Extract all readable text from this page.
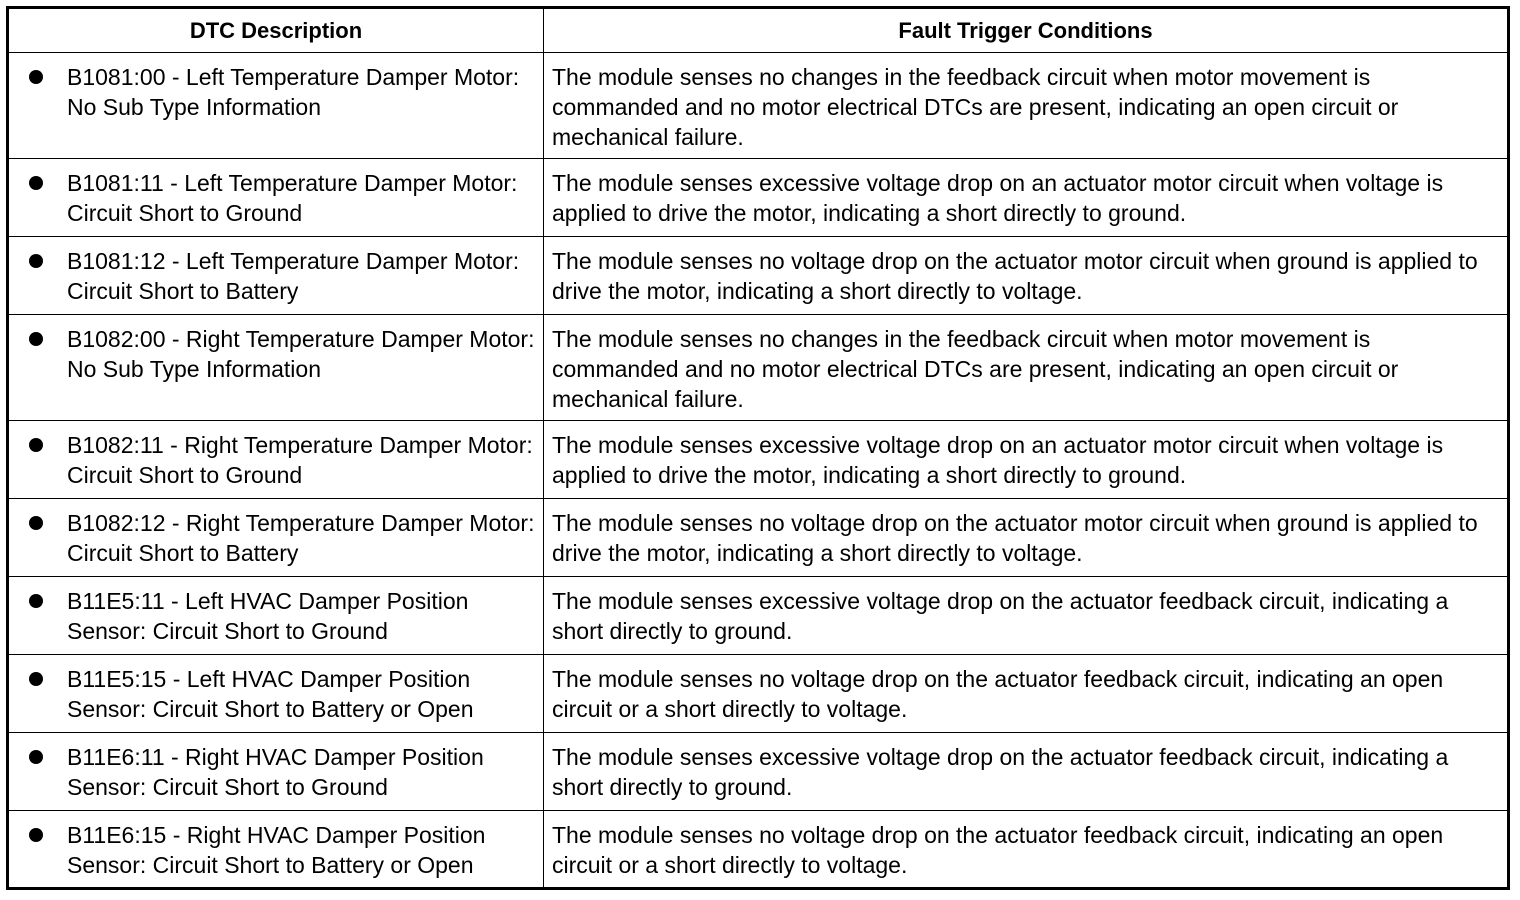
DTC Description	Fault Trigger Conditions

B1081:00 - Left Temperature Damper Motor: No Sub Type Information	The module senses no changes in the feedback circuit when motor movement is commanded and no motor electrical DTCs are present, indicating an open circuit or mechanical failure.

B1081:11 - Left Temperature Damper Motor: Circuit Short to Ground	The module senses excessive voltage drop on an actuator motor circuit when voltage is applied to drive the motor, indicating a short directly to ground.

B1081:12 - Left Temperature Damper Motor: Circuit Short to Battery	The module senses no voltage drop on the actuator motor circuit when ground is applied to drive the motor, indicating a short directly to voltage.

B1082:00 - Right Temperature Damper Motor: No Sub Type Information	The module senses no changes in the feedback circuit when motor movement is commanded and no motor electrical DTCs are present, indicating an open circuit or mechanical failure.

B1082:11 - Right Temperature Damper Motor: Circuit Short to Ground	The module senses excessive voltage drop on an actuator motor circuit when voltage is applied to drive the motor, indicating a short directly to ground.

B1082:12 - Right Temperature Damper Motor: Circuit Short to Battery	The module senses no voltage drop on the actuator motor circuit when ground is applied to drive the motor, indicating a short directly to voltage.

B11E5:11 - Left HVAC Damper Position Sensor: Circuit Short to Ground	The module senses excessive voltage drop on the actuator feedback circuit, indicating a short directly to ground.

B11E5:15 - Left HVAC Damper Position Sensor: Circuit Short to Battery or Open	The module senses no voltage drop on the actuator feedback circuit, indicating an open circuit or a short directly to voltage.

B11E6:11 - Right HVAC Damper Position Sensor: Circuit Short to Ground	The module senses excessive voltage drop on the actuator feedback circuit, indicating a short directly to ground.

B11E6:15 - Right HVAC Damper Position Sensor: Circuit Short to Battery or Open	The module senses no voltage drop on the actuator feedback circuit, indicating an open circuit or a short directly to voltage.
